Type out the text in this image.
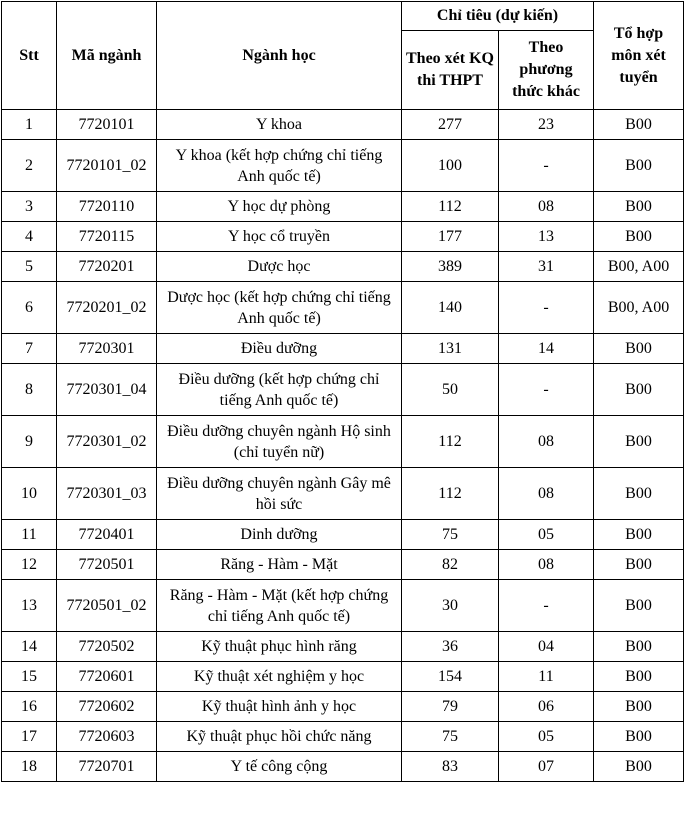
Stt	Mã ngành	Ngành học	Chỉ tiêu (dự kiến)		Tổ hợp môn xét tuyển
			Theo xét KQ thi THPT	Theo phương thức khác	
1	7720101	Y khoa	277	23	B00
2	7720101_02	Y khoa (kết hợp chứng chỉ tiếng Anh quốc tế)	100	-	B00
3	7720110	Y học dự phòng	112	08	B00
4	7720115	Y học cổ truyền	177	13	B00
5	7720201	Dược học	389	31	B00, A00
6	7720201_02	Dược học (kết hợp chứng chỉ tiếng Anh quốc tế)	140	-	B00, A00
7	7720301	Điều dưỡng	131	14	B00
8	7720301_04	Điều dưỡng (kết hợp chứng chỉ tiếng Anh quốc tế)	50	-	B00
9	7720301_02	Điều dưỡng chuyên ngành Hộ sinh (chỉ tuyển nữ)	112	08	B00
10	7720301_03	Điều dưỡng chuyên ngành Gây mê hồi sức	112	08	B00
11	7720401	Dinh dưỡng	75	05	B00
12	7720501	Răng - Hàm - Mặt	82	08	B00
13	7720501_02	Răng - Hàm - Mặt (kết hợp chứng chỉ tiếng Anh quốc tế)	30	-	B00
14	7720502	Kỹ thuật phục hình răng	36	04	B00
15	7720601	Kỹ thuật xét nghiệm y học	154	11	B00
16	7720602	Kỹ thuật hình ảnh y học	79	06	B00
17	7720603	Kỹ thuật phục hồi chức năng	75	05	B00
18	7720701	Y tế công cộng	83	07	B00
